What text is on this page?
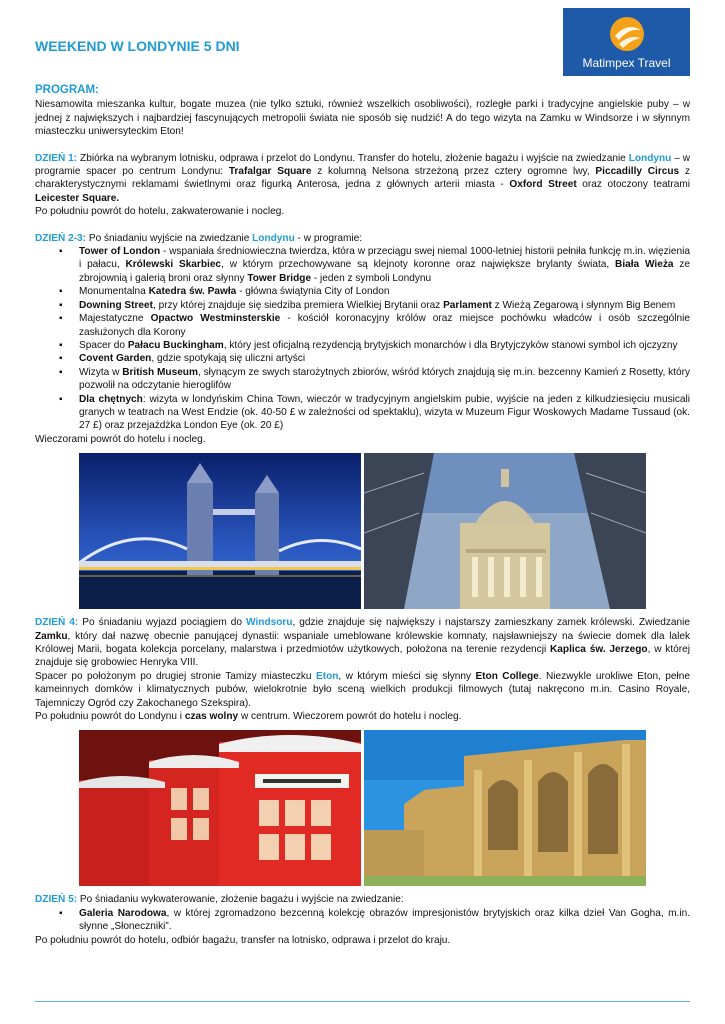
WEEKEND W LONDYNIE 5 DNI
Matimpex Travel
PROGRAM:

Niesamowita mieszanka kultur, bogate muzea (nie tylko sztuki, również wszelkich osobliwości), rozległe parki i tradycyjne angielskie puby – w jednej z największych i najbardziej fascynujących metropolii świata nie sposób się nudzić! A do tego wizyta na Zamku w Windsorze i w słynnym miasteczku uniwersyteckim Eton!

DZIEŃ 1: Zbiórka na wybranym lotnisku, odprawa i przelot do Londynu. Transfer do hotelu, złożenie bagażu i wyjście na zwiedzanie Londynu – w programie spacer po centrum Londynu: Trafalgar Square z kolumną Nelsona strzeżoną przez cztery ogromne lwy, Piccadilly Circus z charakterystycznymi reklamami świetlnymi oraz figurką Anterosa, jedna z głównych arterii miasta - Oxford Street oraz otoczony teatrami Leicester Square.

Po południu powrót do hotelu, zakwaterowanie i nocleg.

DZIEŃ 2-3: Po śniadaniu wyjście na zwiedzanie Londynu - w programie:

▪ Tower of London - wspaniała średniowieczna twierdza, która w przeciągu swej niemal 1000-letniej historii pełniła funkcję m.in. więzienia i pałacu, Królewski Skarbiec, w którym przechowywane są klejnoty koronne oraz największe brylanty świata, Biała Wieża ze zbrojownią i galerią broni oraz słynny Tower Bridge - jeden z symboli Londynu
▪ Monumentalna Katedra św. Pawła - główna świątynia City of London
▪ Downing Street, przy której znajduje się siedziba premiera Wielkiej Brytanii oraz Parlament z Wieżą Zegarową i słynnym Big Benem
▪ Majestatyczne Opactwo Westminsterskie - kościół koronacyjny królów oraz miejsce pochówku władców i osób szczególnie zasłużonych dla Korony
▪ Spacer do Pałacu Buckingham, który jest oficjalną rezydencją brytyjskich monarchów i dla Brytyjczyków stanowi symbol ich ojczyzny
▪ Covent Garden, gdzie spotykają się uliczni artyści
▪ Wizyta w British Museum, słynącym ze swych starożytnych zbiorów, wśród których znajdują się m.in. bezcenny Kamień z Rosetty, który pozwolił na odczytanie hieroglifów
▪ Dla chętnych: wizyta w londyńskim China Town, wieczór w tradycyjnym angielskim pubie, wyjście na jeden z kilkudziesięciu musicali granych w teatrach na West Endzie (ok. 40-50 £ w zależności od spektaklu), wizyta w Muzeum Figur Woskowych Madame Tussaud (ok. 27 £) oraz przejażdżka London Eye (ok. 20 £)

Wieczorami powrót do hotelu i nocleg.

DZIEŃ 4: Po śniadaniu wyjazd pociągiem do Windsoru, gdzie znajduje się największy i najstarszy zamieszkany zamek królewski. Zwiedzanie Zamku, który dał nazwę obecnie panującej dynastii: wspaniale umeblowane królewskie komnaty, najsławniejszy na świecie domek dla lalek Królowej Marii, bogata kolekcja porcelany, malarstwa i przedmiotów użytkowych, położona na terenie rezydencji Kaplica św. Jerzego, w której znajduje się grobowiec Henryka VIII.

Spacer po położonym po drugiej stronie Tamizy miasteczku Eton, w którym mieści się słynny Eton College. Niezwykle urokliwe Eton, pełne kameinnych domków i klimatycznych pubów, wielokrotnie było sceną wielkich produkcji filmowych (tutaj nakręcono m.in. Casino Royale, Tajemniczy Ogród czy Zakochanego Szekspira).

Po południu powrót do Londynu i czas wolny w centrum. Wieczorem powrót do hotelu i nocleg.

DZIEŃ 5: Po śniadaniu wykwaterowanie, złożenie bagażu i wyjście na zwiedzanie:

▪ Galeria Narodowa, w której zgromadzono bezcenną kolekcję obrazów impresjonistów brytyjskich oraz kilka dzieł Van Gogha, m.in. słynne „Słoneczniki”.

Po południu powrót do hotelu, odbiór bagażu, transfer na lotnisko, odprawa i przelot do kraju.
